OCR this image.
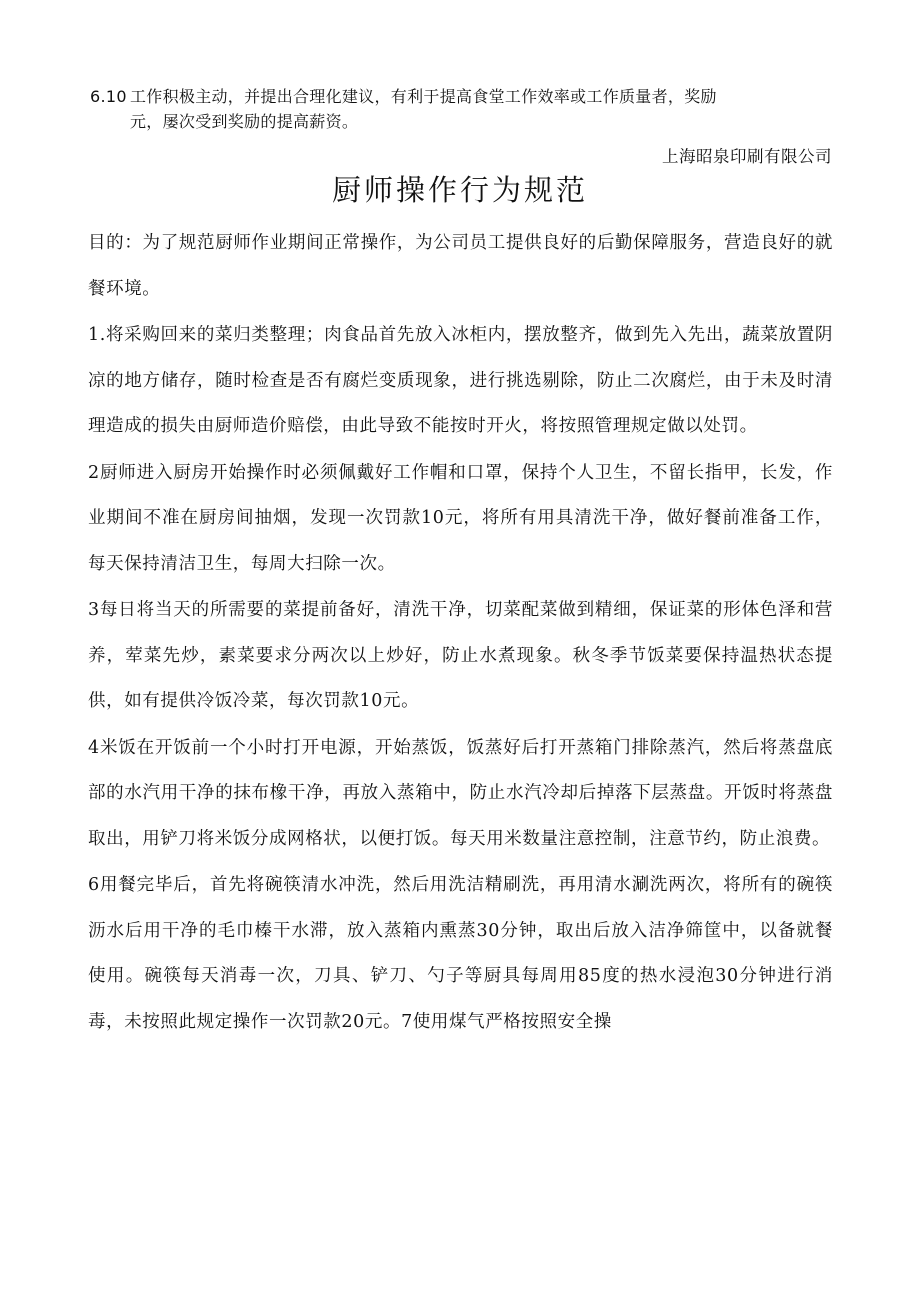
6.10 工作积极主动，并提出合理化建议，有利于提高食堂工作效率或工作质量者，奖励
元，屡次受到奖励的提高薪资。
上海昭泉印刷有限公司
厨师操作行为规范

目的：为了规范厨师作业期间正常操作，为公司员工提供良好的后勤保障服务，营造良好的就餐环境。

1.将采购回来的菜归类整理；肉食品首先放入冰柜内，摆放整齐，做到先入先出，蔬菜放置阴凉的地方储存，随时检查是否有腐烂变质现象，进行挑选剔除，防止二次腐烂，由于未及时清理造成的损失由厨师造价赔偿，由此导致不能按时开火，将按照管理规定做以处罚。

2厨师进入厨房开始操作时必须佩戴好工作帽和口罩，保持个人卫生，不留长指甲，长发，作业期间不准在厨房间抽烟，发现一次罚款10元，将所有用具清洗干净，做好餐前准备工作，每天保持清洁卫生，每周大扫除一次。

3每日将当天的所需要的菜提前备好，清洗干净，切菜配菜做到精细，保证菜的形体色泽和营养，荤菜先炒，素菜要求分两次以上炒好，防止水煮现象。秋冬季节饭菜要保持温热状态提供，如有提供冷饭冷菜，每次罚款10元。

4米饭在开饭前一个小时打开电源，开始蒸饭，饭蒸好后打开蒸箱门排除蒸汽，然后将蒸盘底部的水汽用干净的抹布橡干净，再放入蒸箱中，防止水汽冷却后掉落下层蒸盘。开饭时将蒸盘取出，用铲刀将米饭分成网格状，以便打饭。每天用米数量注意控制，注意节约，防止浪费。

6用餐完毕后，首先将碗筷清水冲洗，然后用洗洁精刷洗，再用清水涮洗两次，将所有的碗筷沥水后用干净的毛巾榛干水滞，放入蒸箱内熏蒸30分钟，取出后放入洁净筛筐中，以备就餐使用。碗筷每天消毒一次，刀具、铲刀、勺子等厨具每周用85度的热水浸泡30分钟进行消毒，未按照此规定操作一次罚款20元。7使用煤气严格按照安全操
